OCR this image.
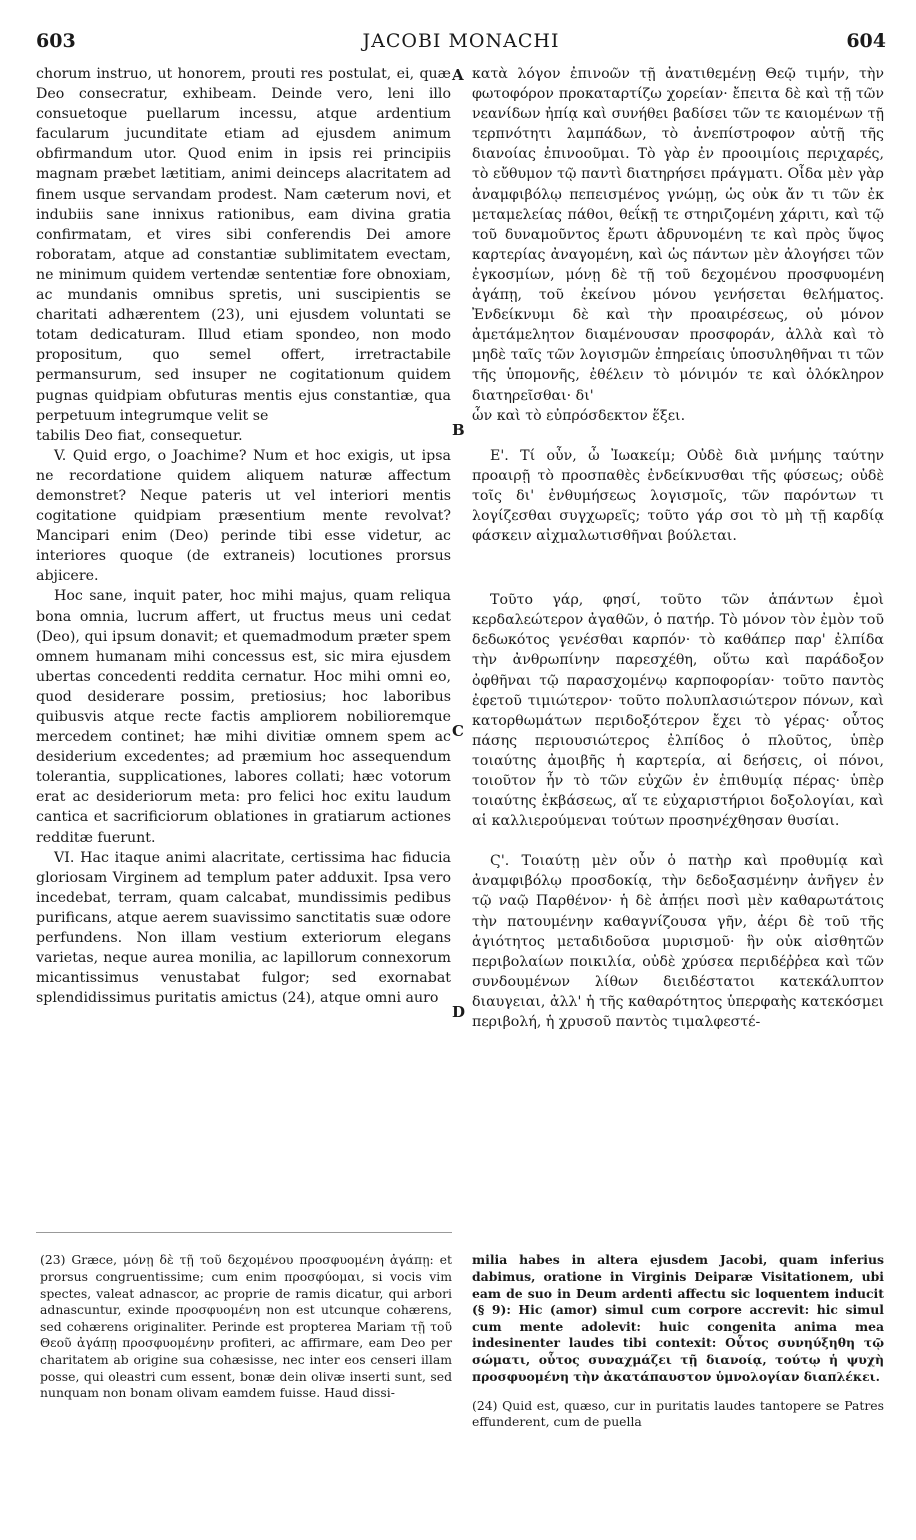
603	JACOBI MONACHI	604
A
B
C
D

chorum instruo, ut honorem, prouti res postulat, ei, quæ Deo consecratur, exhibeam. Deinde vero, leni illo consuetoque puellarum incessu, atque ardentium facularum jucunditate etiam ad ejusdem animum obfirmandum utor. Quod enim in ipsis rei principiis magnam præbet lætitiam, animi deinceps alacritatem ad finem usque servandam prodest. Nam cæterum novi, et indubiis sane innixus rationibus, eam divina gratia confirmatam, et vires sibi conferendis Dei amore roboratam, atque ad constantiæ sublimitatem evectam, ne minimum quidem vertendæ sententiæ fore obnoxiam, ac mundanis omnibus spretis, uni suscipientis se charitati adhærentem (23), uni ejusdem voluntati se totam dedicaturam. Illud etiam spondeo, non modo propositum, quo semel offert, irretractabile permansurum, sed insuper ne cogitationum quidem pugnas quidpiam obfuturas mentis ejus constantiæ, qua perpetuum integrumque velit se

tabilis Deo fiat, consequetur.

V. Quid ergo, o Joachime? Num et hoc exigis, ut ipsa ne recordatione quidem aliquem naturæ affectum demonstret? Neque pateris ut vel interiori mentis cogitatione quidpiam præsentium mente revolvat? Mancipari enim (Deo) perinde tibi esse videtur, ac interiores quoque (de extraneis) locutiones prorsus abjicere.

Hoc sane, inquit pater, hoc mihi majus, quam reliqua bona omnia, lucrum affert, ut fructus meus uni cedat (Deo), qui ipsum donavit; et quemadmodum præter spem omnem humanam mihi concessus est, sic mira ejusdem ubertas concedenti reddita cernatur. Hoc mihi omni eo, quod desiderare possim, pretiosius; hoc laboribus quibusvis atque recte factis ampliorem nobilioremque mercedem continet; hæ mihi divitiæ omnem spem ac desiderium excedentes; ad præmium hoc assequendum tolerantia, supplicationes, labores collati; hæc votorum erat ac desideriorum meta: pro felici hoc exitu laudum cantica et sacrificiorum oblationes in gratiarum actiones redditæ fuerunt.

VI. Hac itaque animi alacritate, certissima hac fiducia gloriosam Virginem ad templum pater adduxit. Ipsa vero incedebat, terram, quam calcabat, mundissimis pedibus purificans, atque aerem suavissimo sanctitatis suæ odore perfundens. Non illam vestium exteriorum elegans varietas, neque aurea monilia, ac lapillorum connexorum micantissimus venustabat fulgor; sed exornabat splendidissimus puritatis amictus (24), atque omni auro

κατὰ λόγον ἐπινοῶν τῇ ἀνατιθεμένῃ Θεῷ τιμήν, τὴν φωτοφόρον προκαταρτίζω χορείαν· ἔπειτα δὲ καὶ τῇ τῶν νεανίδων ἠπίᾳ καὶ συνήθει βαδίσει τῶν τε καιομένων τῇ τερπνότητι λαμπάδων, τὸ ἀνεπίστροφον αὐτῇ τῆς διανοίας ἐπινοοῦμαι. Τὸ γὰρ ἐν προοιμίοις περιχαρές, τὸ εὔθυμον τῷ παντὶ διατηρήσει πράγματι. Οἶδα μὲν γὰρ ἀναμφιβόλῳ πεπεισμένος γνώμῃ, ὡς οὐκ ἄν τι τῶν ἐκ μεταμελείας πάθοι, θεΐκῇ τε στηριζομένη χάριτι, καὶ τῷ τοῦ δυναμοῦντος ἔρωτι ἀδρυνομένη τε καὶ πρὸς ὕψος καρτερίας ἀναγομένη, καὶ ὡς πάντων μὲν ἀλογήσει τῶν ἐγκοσμίων, μόνῃ δὲ τῇ τοῦ δεχομένου προσφυομένη ἀγάπῃ, τοῦ ἐκείνου μόνου γενήσεται θελήματος. Ἐνδείκνυμι δὲ καὶ τὴν προαιρέσεως, οὐ μόνον ἀμετάμελητον διαμένουσαν προσφοράν, ἀλλὰ καὶ τὸ μηδὲ ταῖς τῶν λογισμῶν ἐπηρείαις ὑποσυληθῆναι τι τῶν τῆς ὑπομονῆς, ἐθέλειν τὸ μόνιμόν τε καὶ ὁλόκληρον διατηρεῖσθαι· δι'

ὧν καὶ τὸ εὐπρόσδεκτον ἕξει.

Ε'. Τί οὖν, ὦ Ἰωακείμ; Οὐδὲ διὰ μνήμης ταύτην προαιρῇ τὸ προσπαθὲς ἐνδείκνυσθαι τῆς φύσεως; οὐδὲ τοῖς δι' ἐνθυμήσεως λογισμοῖς, τῶν παρόντων τι λογίζεσθαι συγχωρεῖς; τοῦτο γάρ σοι τὸ μὴ τῇ καρδίᾳ φάσκειν αἰχμαλωτισθῆναι βούλεται.

Τοῦτο γάρ, φησί, τοῦτο τῶν ἁπάντων ἐμοὶ κερδαλεώτερον ἀγαθῶν, ὁ πατήρ. Τὸ μόνον τὸν ἐμὸν τοῦ δεδωκότος γενέσθαι καρπόν· τὸ καθάπερ παρ' ἐλπίδα τὴν ἀνθρωπίνην παρεσχέθη, οὕτω καὶ παράδοξον ὀφθῆναι τῷ παρασχομένῳ καρποφορίαν· τοῦτο παντὸς ἐφετοῦ τιμιώτερον· τοῦτο πολυπλασιώτερον πόνων, καὶ κατορθωμάτων περιδοξότερον ἔχει τὸ γέρας· οὗτος πάσης περιουσιώτερος ἐλπίδος ὁ πλοῦτος, ὑπὲρ τοιαύτης ἀμοιβῆς ἡ καρτερία, αἱ δεήσεις, οἱ πόνοι, τοιοῦτον ἦν τὸ τῶν εὐχῶν ἐν ἐπιθυμίᾳ πέρας· ὑπὲρ τοιαύτης ἐκβάσεως, αἵ τε εὐχαριστήριοι δοξολογίαι, καὶ αἱ καλλιερούμεναι τούτων προσηνέχθησαν θυσίαι.

Ϛ'. Τοιαύτῃ μὲν οὖν ὁ πατὴρ καὶ προθυμίᾳ καὶ ἀναμφιβόλῳ προσδοκίᾳ, τὴν δεδοξασμένην ἀνῆγεν ἐν τῷ ναῷ Παρθένον· ἡ δὲ ἀπῄει ποσὶ μὲν καθαρωτάτοις τὴν πατουμένην καθαγνίζουσα γῆν, ἀέρι δὲ τοῦ τῆς ἁγιότητος μεταδιδοῦσα μυρισμοῦ· ἣν οὐκ αἰσθητῶν περιβολαίων ποικιλία, οὐδὲ χρύσεα περιδέῤῥεα καὶ τῶν συνδουμένων λίθων διειδέστατοι κατεκάλυπτον διαυγειαι, ἀλλ' ἡ τῆς καθαρότητος ὑπερφαὴς κατεκόσμει περιβολή, ἡ χρυσοῦ παντὸς τιμαλφεστέ-

(23) Græce, μόνῃ δὲ τῇ τοῦ δεχομένου προσφυομένη ἀγάπῃ: et prorsus congruentissime; cum enim προσφύομαι, si vocis vim spectes, valeat adnascor, ac proprie de ramis dicatur, qui arbori adnascuntur, exinde προσφυομένη non est utcunque cohærens, sed cohærens originaliter. Perinde est propterea Mariam τῇ τοῦ Θεοῦ ἀγάπῃ προσφυομένην profiteri, ac affirmare, eam Deo per charitatem ab origine sua cohæsisse, nec inter eos censeri illam posse, qui oleastri cum essent, bonæ dein olivæ inserti sunt, sed nunquam non bonam olivam eamdem fuisse. Haud dissi-

milia habes in altera ejusdem Jacobi, quam inferius dabimus, oratione in Virginis Deiparæ Visitationem, ubi eam de suo in Deum ardenti affectu sic loquentem inducit (§ 9): Hic (amor) simul cum corpore accrevit: hic simul cum mente adolevit: huic congenita anima mea indesinenter laudes tibi contexit: Οὗτος συνηύξηθη τῷ σώματι, οὗτος συναχμάζει τῇ διανοίᾳ, τούτῳ ἡ ψυχὴ προσφυομένη τὴν ἀκατάπαυστον ὑμνολογίαν διαπλέκει.

(24) Quid est, quæso, cur in puritatis laudes tantopere se Patres effunderent, cum de puella
